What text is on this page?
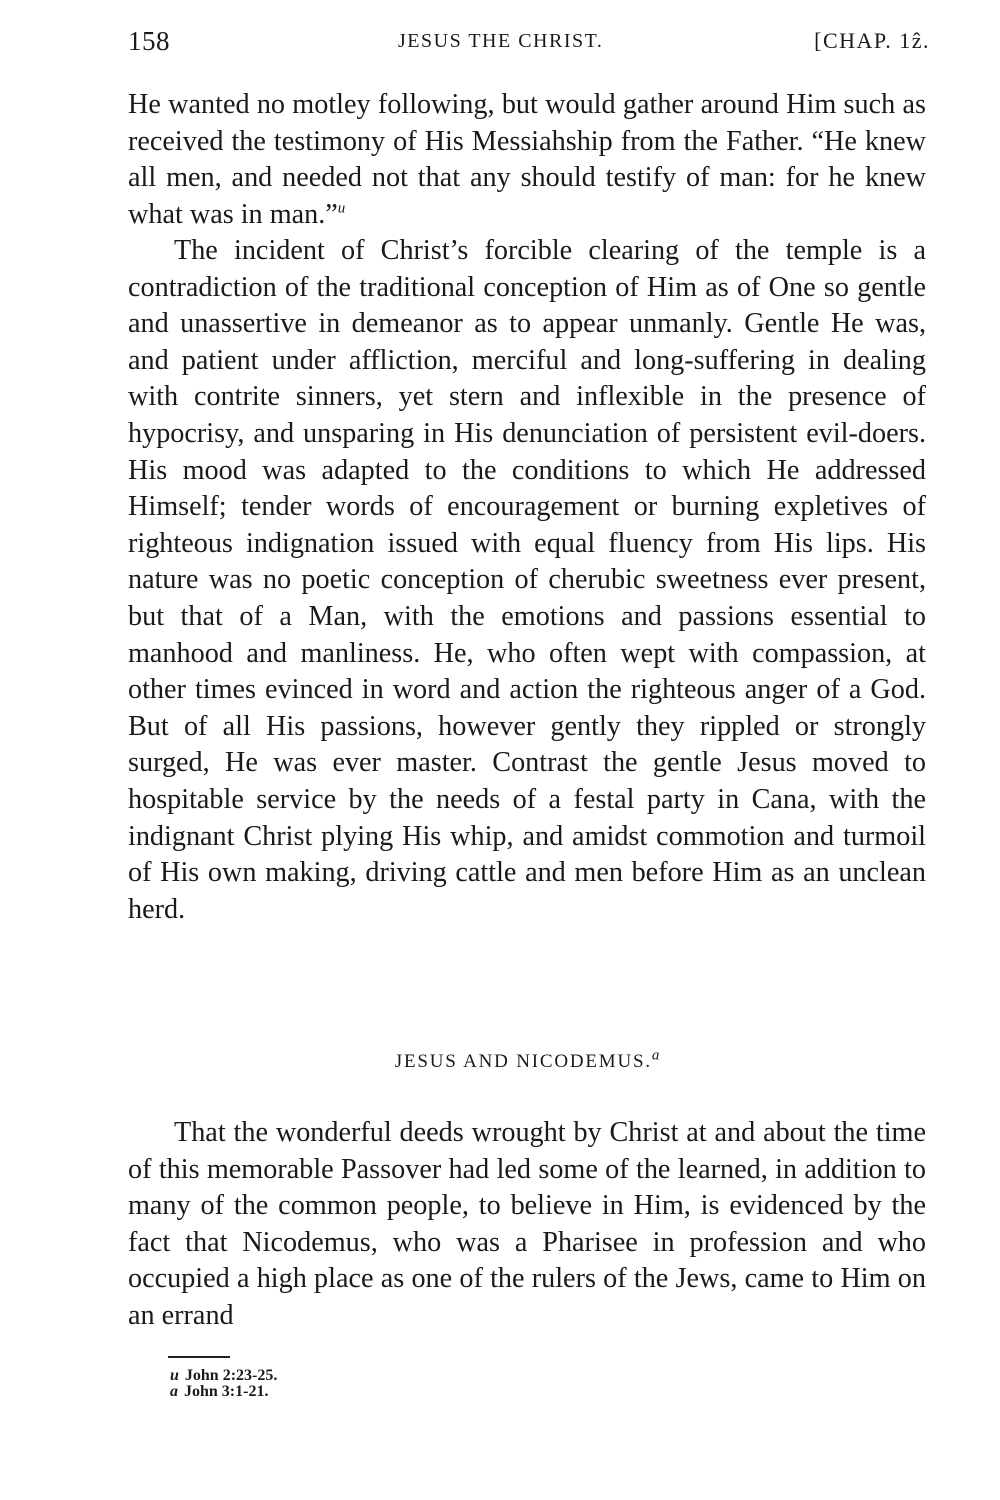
158	JESUS THE CHRIST.	[CHAP. 1ẑ.

He wanted no motley following, but would gather around Him such as received the testimony of His Messiahship from the Father. “He knew all men, and needed not that any should testify of man: for he knew what was in man.”$^u$

The incident of Christ’s forcible clearing of the temple is a contradiction of the traditional conception of Him as of One so gentle and unassertive in demeanor as to appear unmanly. Gentle He was, and patient under affliction, merciful and long-suffering in dealing with contrite sinners, yet stern and inflexible in the presence of hypocrisy, and unsparing in His denunciation of persistent evil-doers. His mood was adapted to the conditions to which He addressed Himself; tender words of encouragement or burning expletives of righteous indignation issued with equal fluency from His lips. His nature was no poetic conception of cherubic sweetness ever present, but that of a Man, with the emotions and passions essential to manhood and manliness. He, who often wept with compassion, at other times evinced in word and action the righteous anger of a God. But of all His passions, however gently they rippled or strongly surged, He was ever master. Contrast the gentle Jesus moved to hospitable service by the needs of a festal party in Cana, with the indignant Christ plying His whip, and amidst commotion and turmoil of His own making, driving cattle and men before Him as an unclean herd.

JESUS AND NICODEMUS.$^a$

That the wonderful deeds wrought by Christ at and about the time of this memorable Passover had led some of the learned, in addition to many of the common people, to believe in Him, is evidenced by the fact that Nicodemus, who was a Pharisee in profession and who occupied a high place as one of the rulers of the Jews, came to Him on an errand

u John 2:23-25.
a John 3:1-21.
